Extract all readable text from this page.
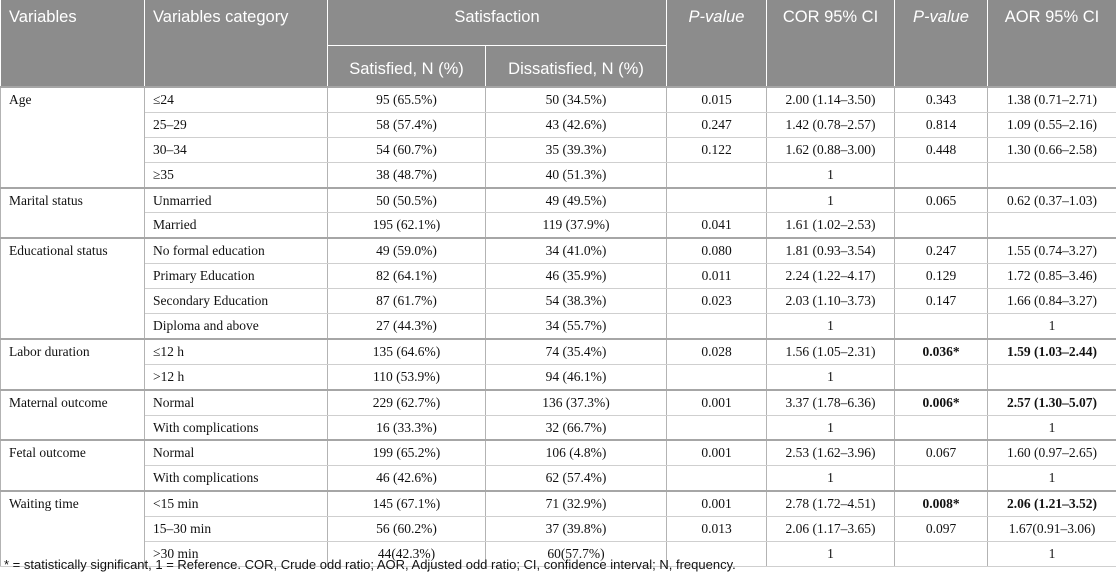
Variables	Variables category	Satisfaction		P-value	COR 95% CI	P-value	AOR 95% CI
		Satisfied, N (%)	Dissatisfied, N (%)				
Age	≤24	95 (65.5%)	50 (34.5%)	0.015	2.00 (1.14–3.50)	0.343	1.38 (0.71–2.71)
	25–29	58 (57.4%)	43 (42.6%)	0.247	1.42 (0.78–2.57)	0.814	1.09 (0.55–2.16)
	30–34	54 (60.7%)	35 (39.3%)	0.122	1.62 (0.88–3.00)	0.448	1.30 (0.66–2.58)
	≥35	38 (48.7%)	40 (51.3%)		1		
Marital status	Unmarried	50 (50.5%)	49 (49.5%)		1	0.065	0.62 (0.37–1.03)
	Married	195 (62.1%)	119 (37.9%)	0.041	1.61 (1.02–2.53)		
Educational status	No formal education	49 (59.0%)	34 (41.0%)	0.080	1.81 (0.93–3.54)	0.247	1.55 (0.74–3.27)
	Primary Education	82 (64.1%)	46 (35.9%)	0.011	2.24 (1.22–4.17)	0.129	1.72 (0.85–3.46)
	Secondary Education	87 (61.7%)	54 (38.3%)	0.023	2.03 (1.10–3.73)	0.147	1.66 (0.84–3.27)
	Diploma and above	27 (44.3%)	34 (55.7%)		1		1
Labor duration	≤12 h	135 (64.6%)	74 (35.4%)	0.028	1.56 (1.05–2.31)	0.036*	1.59 (1.03–2.44)
	>12 h	110 (53.9%)	94 (46.1%)		1		
Maternal outcome	Normal	229 (62.7%)	136 (37.3%)	0.001	3.37 (1.78–6.36)	0.006*	2.57 (1.30–5.07)
	With complications	16 (33.3%)	32 (66.7%)		1		1
Fetal outcome	Normal	199 (65.2%)	106 (4.8%)	0.001	2.53 (1.62–3.96)	0.067	1.60 (0.97–2.65)
	With complications	46 (42.6%)	62 (57.4%)		1		1
Waiting time	<15 min	145 (67.1%)	71 (32.9%)	0.001	2.78 (1.72–4.51)	0.008*	2.06 (1.21–3.52)
	15–30 min	56 (60.2%)	37 (39.8%)	0.013	2.06 (1.17–3.65)	0.097	1.67(0.91–3.06)
	>30 min	44(42.3%)	60(57.7%)		1		1
* = statistically significant, 1 = Reference. COR, Crude odd ratio; AOR, Adjusted odd ratio; CI, confidence interval; N, frequency.
